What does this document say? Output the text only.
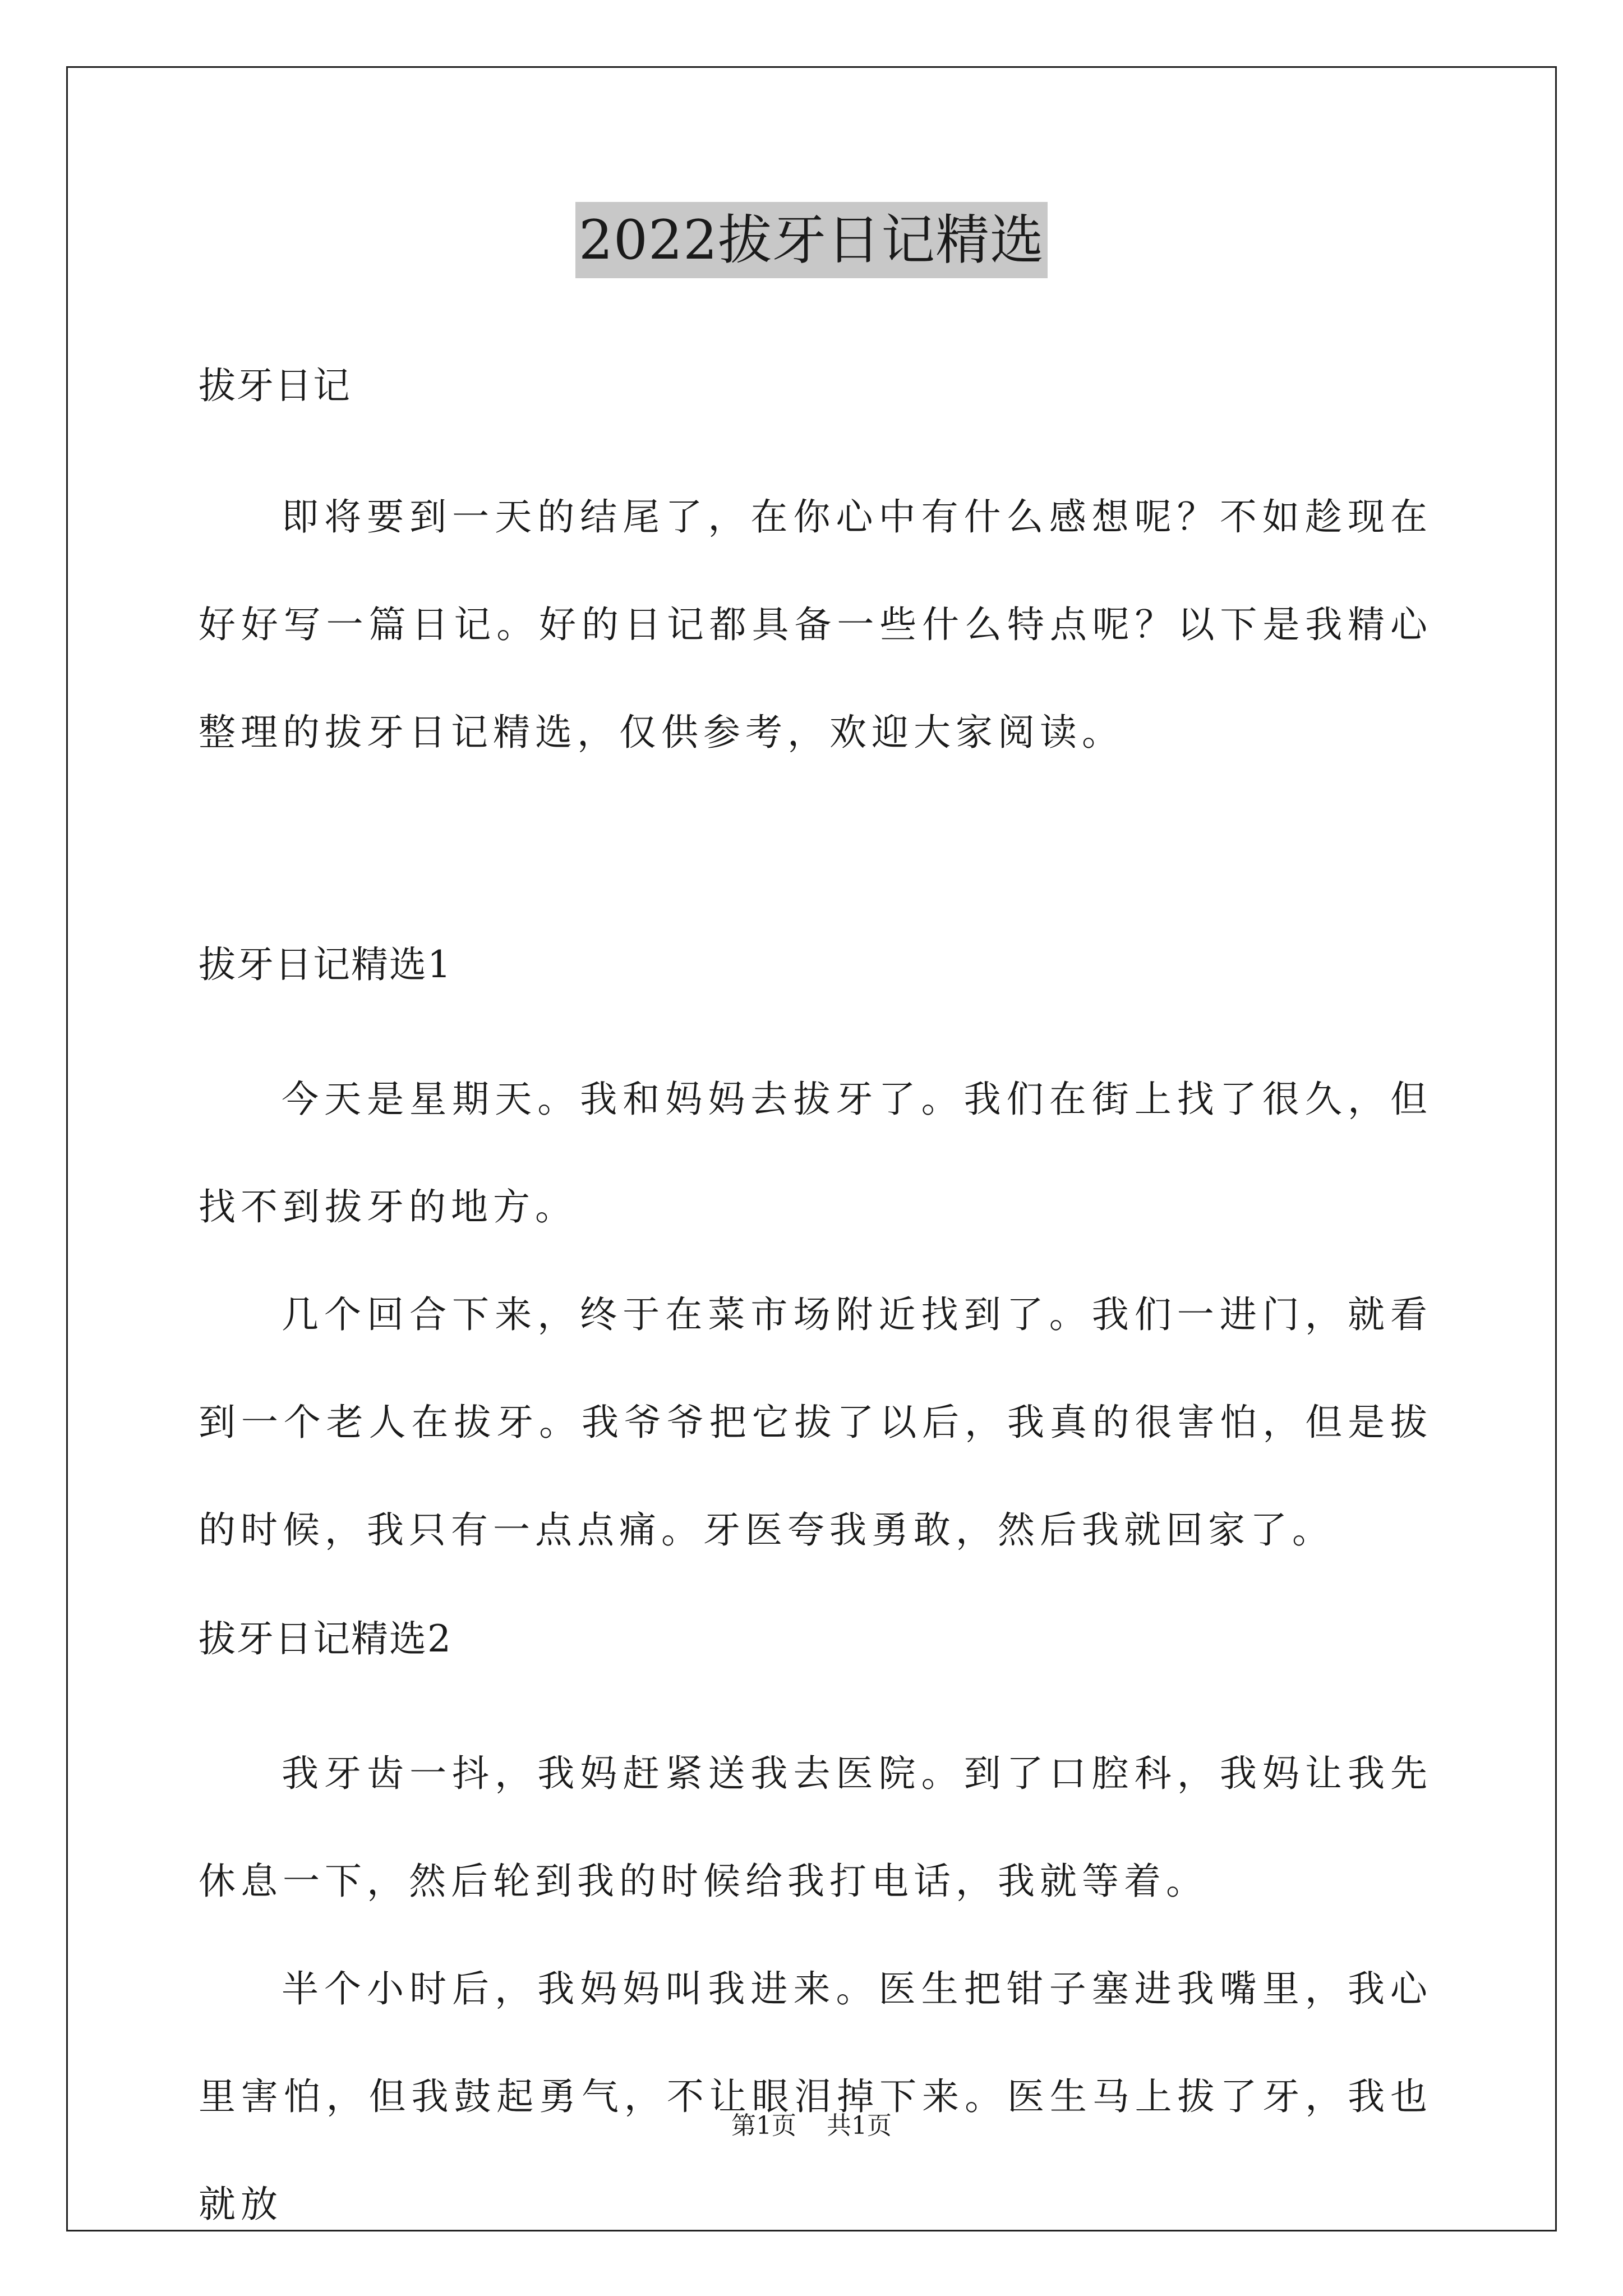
2022拔牙日记精选

拔牙日记

即将要到一天的结尾了，在你心中有什么感想呢？不如趁现在好好写一篇日记。好的日记都具备一些什么特点呢？以下是我精心整理的拔牙日记精选，仅供参考，欢迎大家阅读。

拔牙日记精选1

今天是星期天。我和妈妈去拔牙了。我们在街上找了很久，但找不到拔牙的地方。

几个回合下来，终于在菜市场附近找到了。我们一进门，就看到一个老人在拔牙。我爷爷把它拔了以后，我真的很害怕，但是拔的时候，我只有一点点痛。牙医夸我勇敢，然后我就回家了。

拔牙日记精选2

我牙齿一抖，我妈赶紧送我去医院。到了口腔科，我妈让我先休息一下，然后轮到我的时候给我打电话，我就等着。

半个小时后，我妈妈叫我进来。医生把钳子塞进我嘴里，我心里害怕，但我鼓起勇气，不让眼泪掉下来。医生马上拔了牙，我也就放

第1页 共1页
